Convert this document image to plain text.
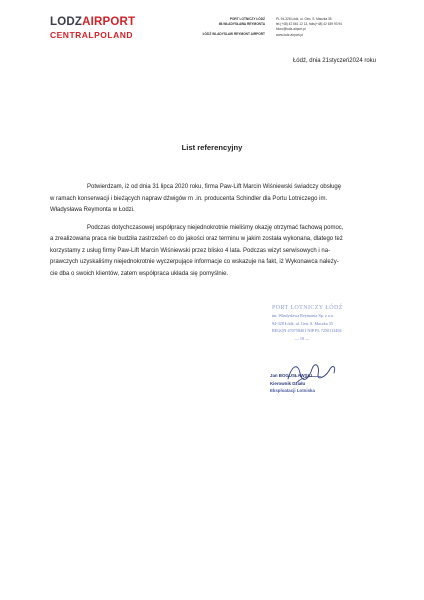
LODZAIRPORT
CENTRALPOLAND
PORT LOTNICZY ŁÓDŹ
IM.WŁADYSŁAWA REYMONTA
ŁÓDŹ WLADYSLAW REYMONT AIRPORT
PL 94-328 Łódź, ul. Gen. S. Maczka 35
tel.(+48) 42 661 12 13, faks(+48) 42 639 93 94
biuro@lodz-airport.pl
www.lodz-airport.pl
Łódź, dnia 21styczeń2024 roku
List referencyjny

Potwierdzam, iż od dnia 31 lipca 2020 roku, firma Paw-Lift Marcin Wiśniewski świadczy obsługę

w ramach konserwacji i bieżących napraw dźwigów m .in. producenta Schindler dla Portu Lotniczego im.

Władysława Reymonta w Łodzi.

Podczas dotychczasowej współpracy niejednokrotnie mieliśmy okazję otrzymać fachową pomoc,

a zrealizowana praca nie budziła zastrzeżeń co do jakości oraz terminu w jakim została wykonana, dlatego też

korzystamy z usług firmy Paw-Lift Marcin Wiśniewski przez blisko 4 lata. Podczas wizyt serwisowych i na-

prawczych uzyskaliśmy niejednokrotnie wyczerpujące informacje co wskazuje na fakt, iż Wykonawca należy-

cie dba o swoich klientów, zatem współpraca układa się pomyślnie.

PORT LOTNICZY ŁÓDŹ
im. Władysława Reymonta Sp. z o.o.
94-328 Łódź, ul. Gen. S. Maczka 35
REGON 470758401 NIP PL 7250113494
— 10 —
Jan BOGUSŁAWSKI
Kierownik Działu
Eksploatacji Lotniska
